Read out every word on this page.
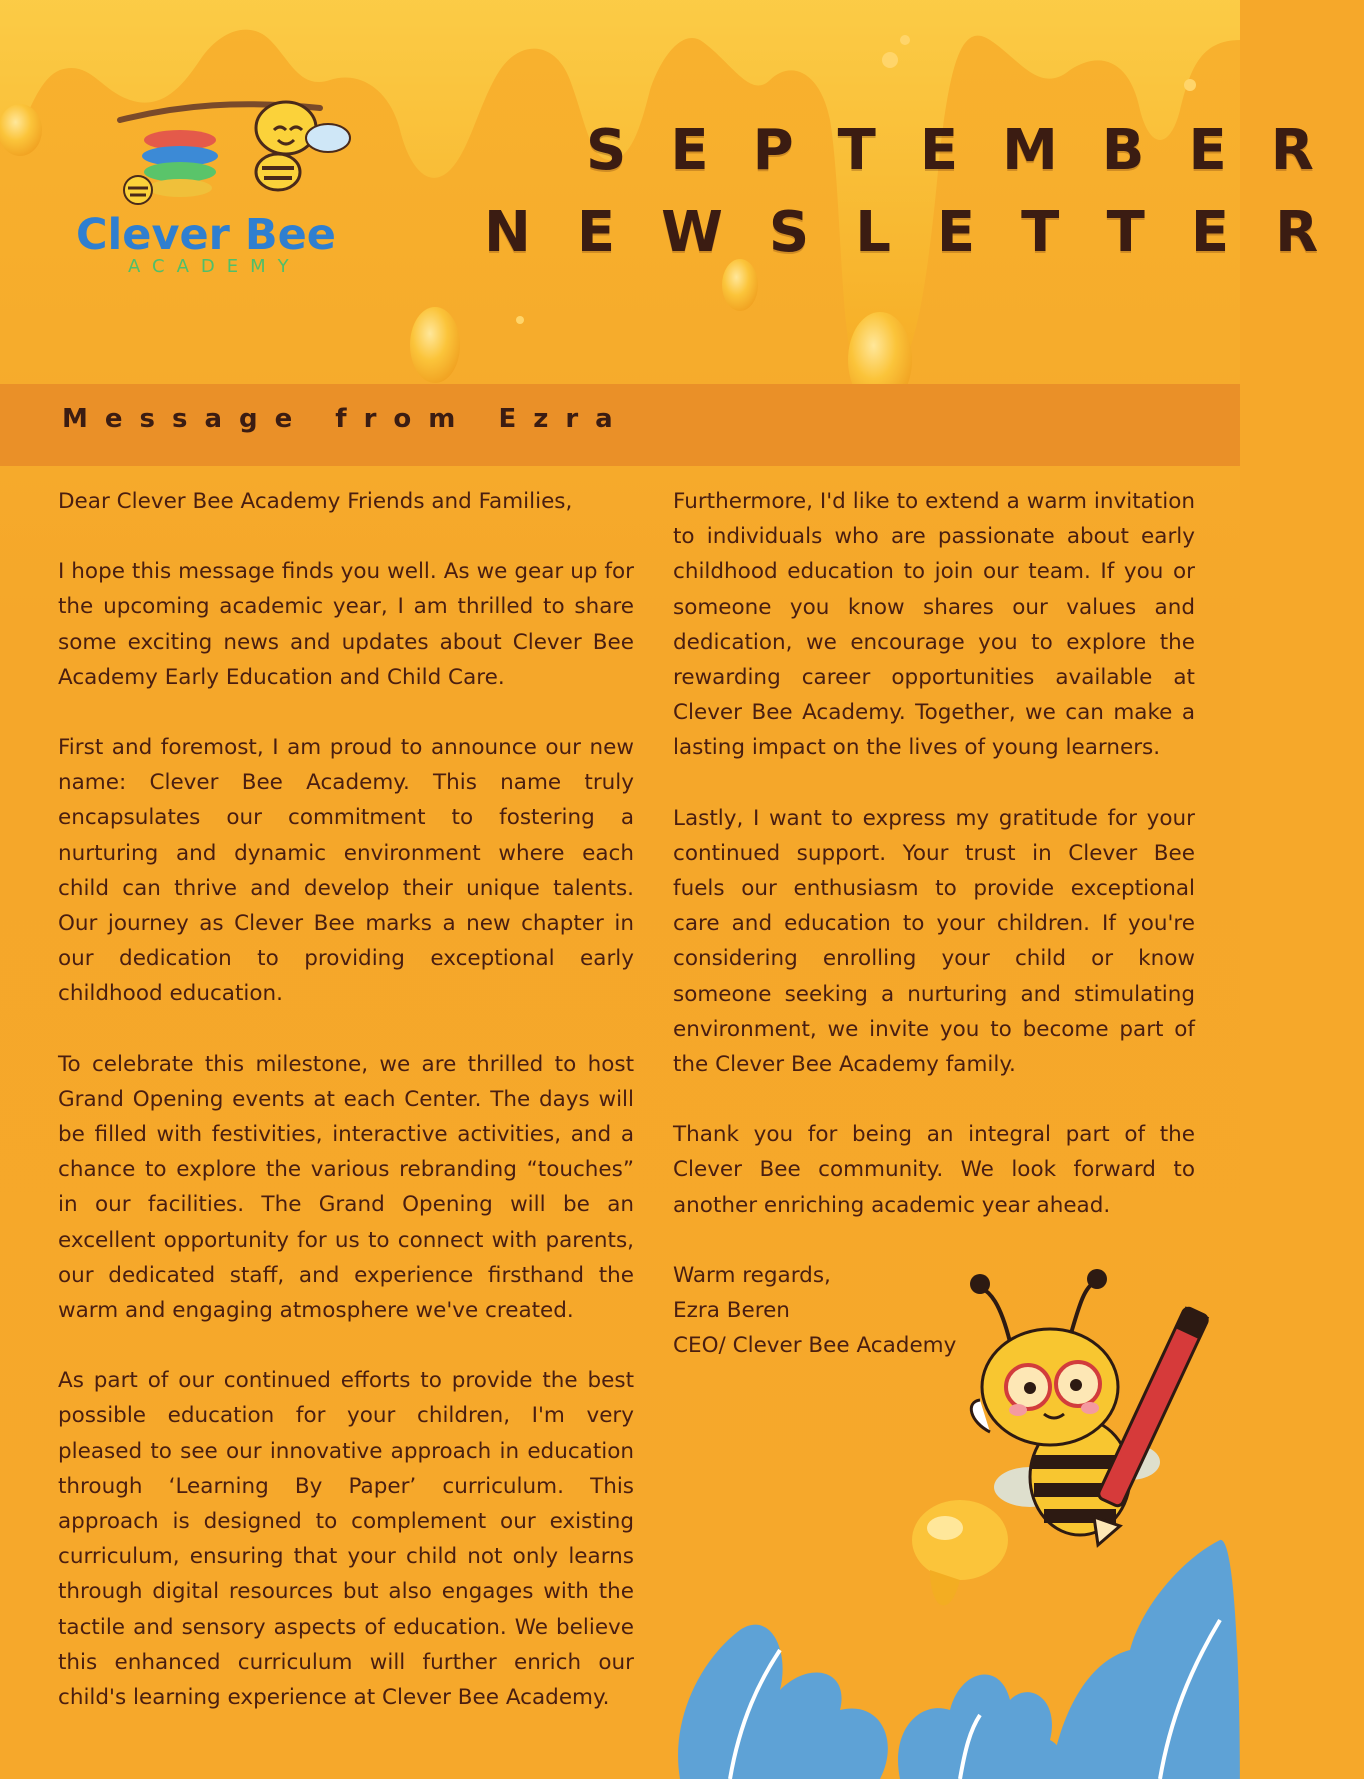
Clever Bee
ACADEMY
SEPTEMBER
NEWSLETTER
Message from Ezra

Dear Clever Bee Academy Friends and Families,

I hope this message finds you well. As we gear up for the upcoming academic year, I am thrilled to share some exciting news and updates about Clever Bee Academy Early Education and Child Care.

First and foremost, I am proud to announce our new name: Clever Bee Academy. This name truly encapsulates our commitment to fostering a nurturing and dynamic environment where each child can thrive and develop their unique talents. Our journey as Clever Bee marks a new chapter in our dedication to providing exceptional early childhood education.

To celebrate this milestone, we are thrilled to host Grand Opening events at each Center. The days will be filled with festivities, interactive activities, and a chance to explore the various rebranding “touches” in our facilities. The Grand Opening will be an excellent opportunity for us to connect with parents, our dedicated staff, and experience firsthand the warm and engaging atmosphere we've created.

As part of our continued efforts to provide the best possible education for your children, I'm very pleased to see our innovative approach in education through ‘Learning By Paper’ curriculum. This approach is designed to complement our existing curriculum, ensuring that your child not only learns through digital resources but also engages with the tactile and sensory aspects of education. We believe this enhanced curriculum will further enrich our child's learning experience at Clever Bee Academy.

Furthermore, I'd like to extend a warm invitation to individuals who are passionate about early childhood education to join our team. If you or someone you know shares our values and dedication, we encourage you to explore the rewarding career opportunities available at Clever Bee Academy. Together, we can make a lasting impact on the lives of young learners.

Lastly, I want to express my gratitude for your continued support. Your trust in Clever Bee fuels our enthusiasm to provide exceptional care and education to your children. If you're considering enrolling your child or know someone seeking a nurturing and stimulating environment, we invite you to become part of the Clever Bee Academy family.

Thank you for being an integral part of the Clever Bee community. We look forward to another enriching academic year ahead.

Warm regards,

Ezra Beren

CEO/ Clever Bee Academy
